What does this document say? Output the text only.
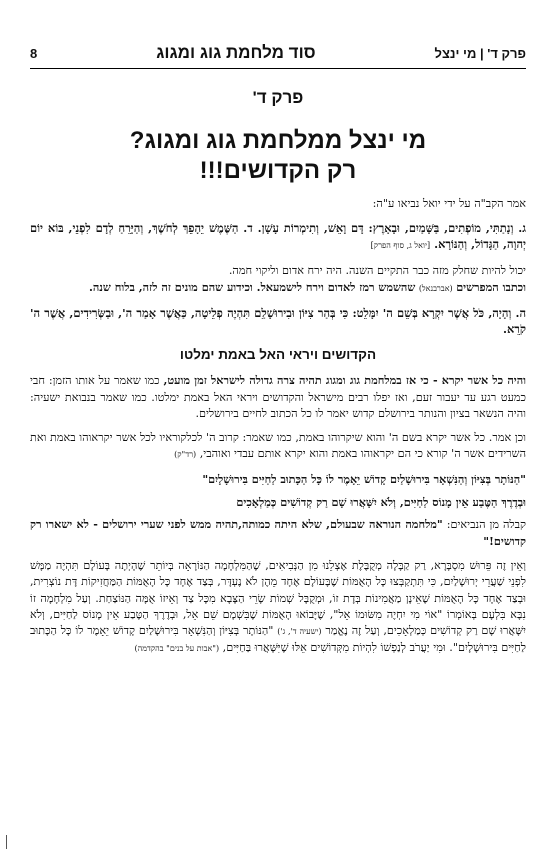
פרק ד' | מי ינצל
סוד מלחמת גוג ומגוג
8
פרק ד'
מי ינצל ממלחמת גוג ומגוג?
רק הקדושים!!!

אמר הקב"ה על ידי יואל נביאו ע"ה:

ג. וְנָתַתִּי, מוֹפְתִים, בַּשָּׁמַיִם, וּבָאָרֶץ: דָּם וָאֵשׁ, וְתִימְרוֹת עָשָׁן. ד. הַשֶּׁמֶשׁ יֵהָפֵךְ לְחֹשֶׁךְ, וְהַיָּרֵחַ לְדָם לִפְנֵי, בּוֹא יוֹם יְהוָה, הַגָּדוֹל, וְהַנּוֹרָא. [יואל ג, סוף הפרק]

יכול להיות שחלק מזה כבר התקיים השנה. היה ירח אדום וליקוי חמה.
וכתבו המפרשים (אברבנאל) שהשמש רמז לאדום וירח לישמעאל. וכידוע שהם מונים זה לזה, בלוח שנה.

ה. וְהָיָה, כֹּל אֲשֶׁר יִקְרָא בְּשֵׁם ה' יִמָּלֵט: כִּי בְּהַר צִיּוֹן וּבִירוּשָׁלִַם תִּהְיֶה פְלֵיטָה, כַּאֲשֶׁר אָמַר ה', וּבַשְּׂרִידִים, אֲשֶׁר ה' קֹרֵא.

הקדושים ויראי האל באמת ימלטו

והיה כל אשר יקרא - כי אז במלחמת גוג ומגוג תהיה צרה גדולה לישראל זמן מועט, כמו שאמר על אותו הזמן: חבי כמעט רגע עד יעבור זעם, ואז יפלו רבים מישראל והקדושים ויראי האל באמת ימלטו. כמו שאמר בנבואת ישעיה: והיה הנשאר בציון והנותר בירושלם קדוש יאמר לו כל הכתוב לחיים בירושלים.

וכן אמר. כל אשר יקרא בשם ה' והוא שיקרוהו באמת, כמו שאמר: קרוב ה' לכלקוראיו לכל אשר יקראוהו באמת ואת השרידים אשר ה' קורא כי הם יקראוהו באמת והוא יקרא אותם עבדי ואוהבי, (רד"ק)

"הַנּוֹתָר בְּצִיּוֹן וְהַנִּשְׁאָר בִּירוּשָׁלַיִם קָדוֹשׁ יֵאָמֶר לוֹ כָּל הַכָּתוּב לַחַיִּים בִּירוּשָׁלָיִם"

וּבְדֶרֶךְ הַטֶּבַע אֵין מָנוֹס לַחַיִּים, וְלֹא יִשָּׁאֲרוּ שָׁם רַק קְדוֹשִׁים כְּמַלְאָכִים

קבלה מן הנביאים: "מלחמה הנוראה שבעולם, שלא היתה כמותה,תהיה ממש לפני שערי ירושלים - לא ישארו רק קדושים!"

וְאֵין זֶה פֵּרוּשׁ מִסְבָּרָא, רַק קַבָּלָה מְקֻבֶּלֶת אֶצְלֵנוּ מִן הַנְּבִיאִים, שֶׁהַמִּלְחָמָה הַנּוֹרָאָה בְּיוֹתֵר שֶׁהָיְתָה בָּעוֹלָם תִּהְיֶה מַמָּשׁ לִפְנֵי שַׁעֲרֵי יְרוּשָׁלַיִם, כִּי תִּתְקַבְּצוּ כָּל הָאֻמּוֹת שֶׁבָּעוֹלָם אֶחָד מֵהֶן לֹא נֶעְדָּר, בְּצַד אֶחָד כָּל הָאֻמּוֹת הַמַּחֲזִיקוֹת דָּת נוֹצְרִית, וּבְצַד אֶחָד כָּל הָאֻמּוֹת שֶׁאֵינָן מַאֲמִינוֹת בְּדָת זוֹ, וּמְקֻבָּל שְׁמוֹת שָׂרֵי הַצָּבָא מִכָּל צַד וְאֵיזוֹ אֻמָּה הַנּוֹצַחַת. וְעַל מִלְחָמָה זוֹ נִבָּא בִּלְעָם בְּאוֹמְרוֹ "אוֹי מִי יִחְיֶה מִשּׂוּמוֹ אֵל", שֶׁיָּבוֹאוּ הָאֻמּוֹת שֶׁבִּשְׁמָם שֵׁם אֵל, וּבְדֶרֶךְ הַטֶּבַע אֵין מָנוֹס לַחַיִּים, וְלֹא יִשָּׁאֲרוּ שָׁם רַק קְדוֹשִׁים כְּמַלְאָכִים, וְעַל זֶה נֶאֱמַר (ישעיה ד', ג') "הַנּוֹתָר בְּצִיּוֹן וְהַנִּשְׁאָר בִּירוּשָׁלַיִם קָדוֹשׁ יֵאָמֶר לוֹ כָּל הַכָּתוּב לַחַיִּים בִּירוּשָׁלָיִם". וּמִי יַעֲרֹב לְנַפְשׁוֹ לִהְיוֹת מִקְּדוֹשִׁים אֵלּוּ שֶׁיִּשָּׁאֲרוּ בַּחַיִּים, ("אבות על בנים" בהקדמה)
